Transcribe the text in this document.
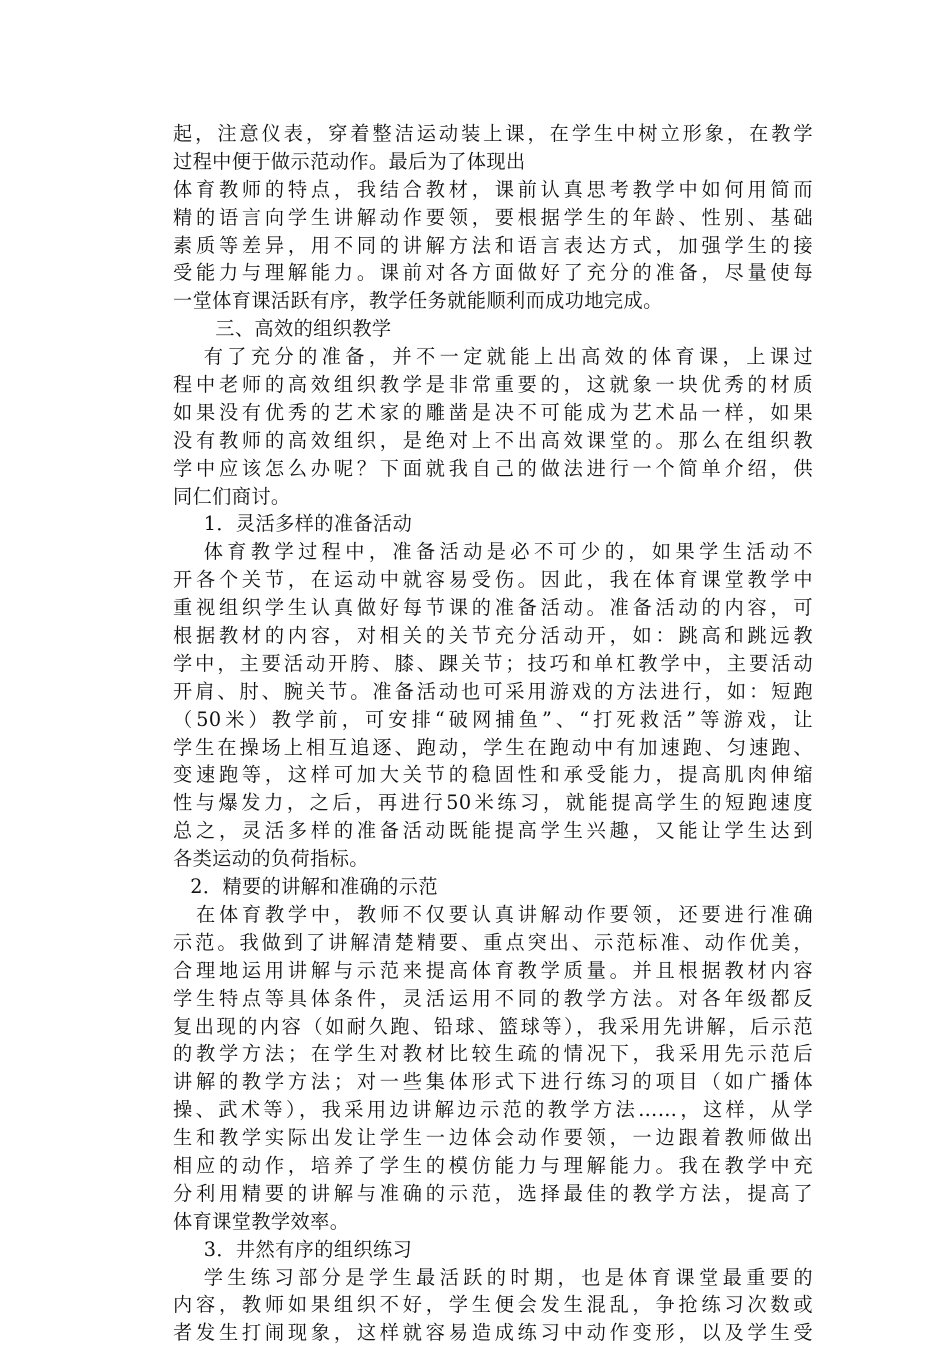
起，注意仪表，穿着整洁运动装上课，在学生中树立形象，在教学
过程中便于做示范动作。最后为了体现出
体育教师的特点，我结合教材，课前认真思考教学中如何用简而
精的语言向学生讲解动作要领，要根据学生的年龄、性别、基础
素质等差异，用不同的讲解方法和语言表达方式，加强学生的接
受能力与理解能力。课前对各方面做好了充分的准备，尽量使每
一堂体育课活跃有序，教学任务就能顺利而成功地完成。
三、高效的组织教学
有了充分的准备，并不一定就能上出高效的体育课，上课过
程中老师的高效组织教学是非常重要的，这就象一块优秀的材质
如果没有优秀的艺术家的雕凿是决不可能成为艺术品一样，如果
没有教师的高效组织，是绝对上不出高效课堂的。那么在组织教
学中应该怎么办呢？下面就我自己的做法进行一个简单介绍，供
同仁们商讨。
1．灵活多样的准备活动
体育教学过程中，准备活动是必不可少的，如果学生活动不
开各个关节，在运动中就容易受伤。因此，我在体育课堂教学中
重视组织学生认真做好每节课的准备活动。准备活动的内容，可
根据教材的内容，对相关的关节充分活动开，如：跳高和跳远教
学中，主要活动开胯、膝、踝关节；技巧和单杠教学中，主要活动
开肩、肘、腕关节。准备活动也可采用游戏的方法进行，如：短跑
（50米）教学前，可安排“破网捕鱼”、“打死救活”等游戏，让
学生在操场上相互追逐、跑动，学生在跑动中有加速跑、匀速跑、
变速跑等，这样可加大关节的稳固性和承受能力，提高肌肉伸缩
性与爆发力，之后，再进行50米练习，就能提高学生的短跑速度
总之，灵活多样的准备活动既能提高学生兴趣，又能让学生达到
各类运动的负荷指标。
2．精要的讲解和准确的示范
在体育教学中，教师不仅要认真讲解动作要领，还要进行准确
示范。我做到了讲解清楚精要、重点突出、示范标准、动作优美，
合理地运用讲解与示范来提高体育教学质量。并且根据教材内容
学生特点等具体条件，灵活运用不同的教学方法。对各年级都反
复出现的内容（如耐久跑、铅球、篮球等），我采用先讲解，后示范
的教学方法；在学生对教材比较生疏的情况下，我采用先示范后
讲解的教学方法；对一些集体形式下进行练习的项目（如广播体
操、武术等），我采用边讲解边示范的教学方法……，这样，从学
生和教学实际出发让学生一边体会动作要领，一边跟着教师做出
相应的动作，培养了学生的模仿能力与理解能力。我在教学中充
分利用精要的讲解与准确的示范，选择最佳的教学方法，提高了
体育课堂教学效率。
3．井然有序的组织练习
学生练习部分是学生最活跃的时期，也是体育课堂最重要的
内容，教师如果组织不好，学生便会发生混乱，争抢练习次数或
者发生打闹现象，这样就容易造成练习中动作变形，以及学生受
